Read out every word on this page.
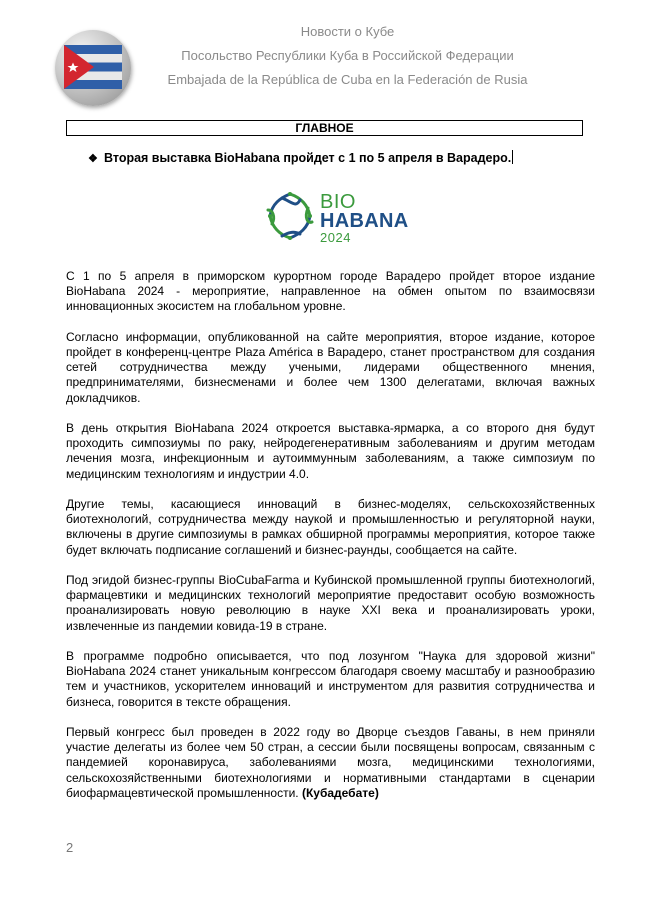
Новости о Кубе
Посольство Республики Куба в Российской Федерации
Embajada de la República de Cuba en la Federación de Rusia
ГЛАВНОЕ
❖ Вторая выставка BioHabana пройдет с 1 по 5 апреля в Варадеро.
BIO
HABANA
2024

С 1 по 5 апреля в приморском курортном городе Варадеро пройдет второе издание BioHabana 2024 - мероприятие, направленное на обмен опытом по взаимосвязи инновационных экосистем на глобальном уровне.

Согласно информации, опубликованной на сайте мероприятия, второе издание, которое пройдет в конференц-центре Plaza América в Варадеро, станет пространством для создания сетей сотрудничества между учеными, лидерами общественного мнения, предпринимателями, бизнесменами и более чем 1300 делегатами, включая важных докладчиков.

В день открытия BioHabana 2024 откроется выставка-ярмарка, а со второго дня будут проходить симпозиумы по раку, нейродегенеративным заболеваниям и другим методам лечения мозга, инфекционным и аутоиммунным заболеваниям, а также симпозиум по медицинским технологиям и индустрии 4.0.

Другие темы, касающиеся инноваций в бизнес-моделях, сельскохозяйственных биотехнологий, сотрудничества между наукой и промышленностью и регуляторной науки, включены в другие симпозиумы в рамках обширной программы мероприятия, которое также будет включать подписание соглашений и бизнес-раунды, сообщается на сайте.

Под эгидой бизнес-группы BioCubaFarma и Кубинской промышленной группы биотехнологий, фармацевтики и медицинских технологий мероприятие предоставит особую возможность проанализировать новую революцию в науке XXI века и проанализировать уроки, извлеченные из пандемии ковида-19 в стране.

В программе подробно описывается, что под лозунгом "Наука для здоровой жизни" BioHabana 2024 станет уникальным конгрессом благодаря своему масштабу и разнообразию тем и участников, ускорителем инноваций и инструментом для развития сотрудничества и бизнеса, говорится в тексте обращения.

Первый конгресс был проведен в 2022 году во Дворце съездов Гаваны, в нем приняли участие делегаты из более чем 50 стран, а сессии были посвящены вопросам, связанным с пандемией коронавируса, заболеваниями мозга, медицинскими технологиями, сельскохозяйственными биотехнологиями и нормативными стандартами в сценарии биофармацевтической промышленности. (Кубадебате)

2
